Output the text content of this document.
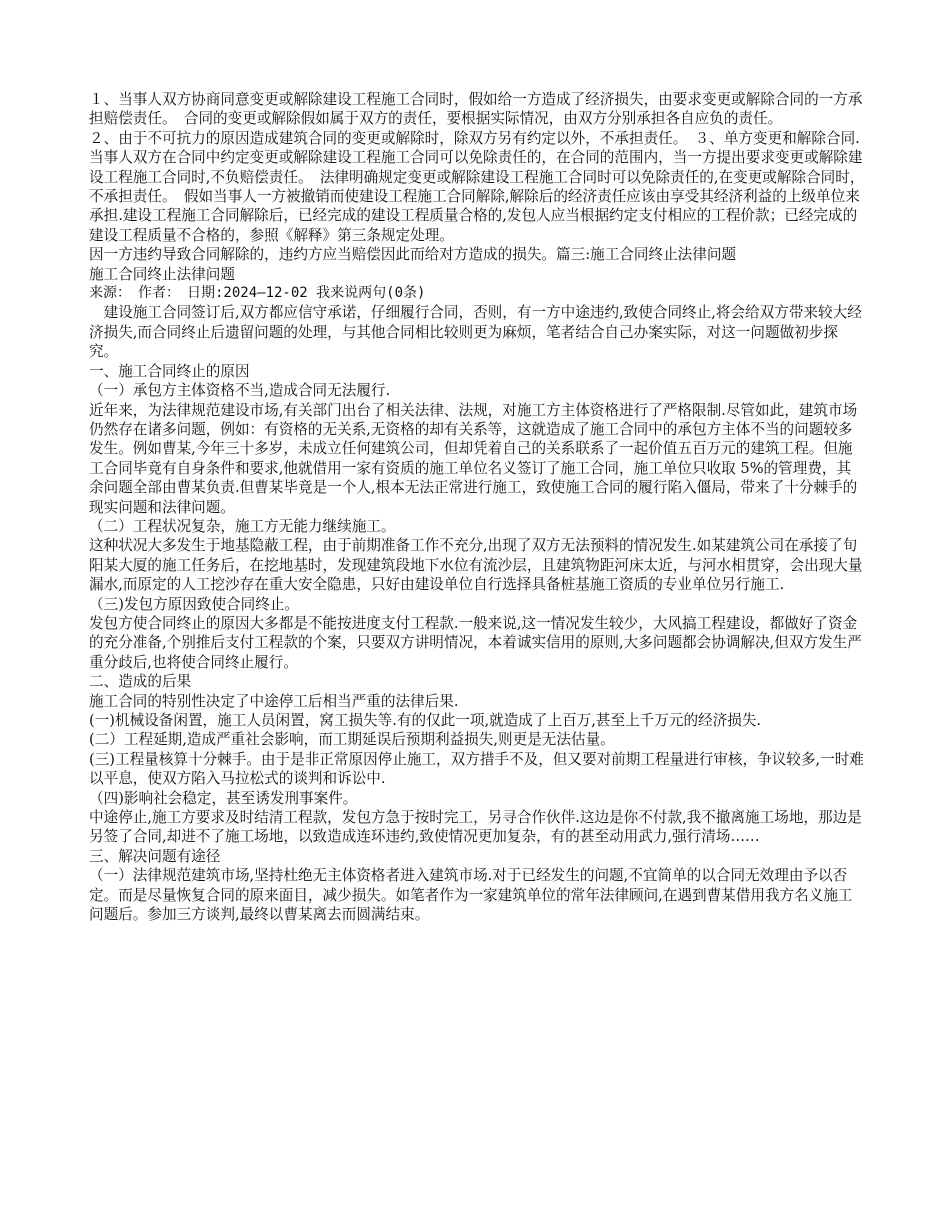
１、当事人双方协商同意变更或解除建设工程施工合同时，假如给一方造成了经济损失，由要求变更或解除合同的一方承担赔偿责任。　合同的变更或解除假如属于双方的责任，要根据实际情况，由双方分别承担各自应负的责任。

２、由于不可抗力的原因造成建筑合同的变更或解除时，除双方另有约定以外，不承担责任。　３、单方变更和解除合同.当事人双方在合同中约定变更或解除建设工程施工合同可以免除责任的，在合同的范围内，当一方提出要求变更或解除建设工程施工合同时,不负赔偿责任。　法律明确规定变更或解除建设工程施工合同时可以免除责任的,在变更或解除合同时，不承担责任。　假如当事人一方被撤销而使建设工程施工合同解除,解除后的经济责任应该由享受其经济利益的上级单位来承担.建设工程施工合同解除后，已经完成的建设工程质量合格的,发包人应当根据约定支付相应的工程价款；已经完成的建设工程质量不合格的，参照《解释》第三条规定处理。

因一方违约导致合同解除的，违约方应当赔偿因此而给对方造成的损失。篇三:施工合同终止法律问题

施工合同终止法律问题

来源：　作者：　日期:2024—12-02 我来说两句(0条)

　建设施工合同签订后,双方都应信守承诺，仔细履行合同，否则，有一方中途违约,致使合同终止,将会给双方带来较大经济损失,而合同终止后遗留问题的处理，与其他合同相比较则更为麻烦，笔者结合自己办案实际，对这一问题做初步探究。

一、施工合同终止的原因

（一）承包方主体资格不当,造成合同无法履行.

近年来，为法律规范建设市场,有关部门出台了相关法律、法规，对施工方主体资格进行了严格限制.尽管如此，建筑市场仍然存在诸多问题，例如：有资格的无关系,无资格的却有关系等，这就造成了施工合同中的承包方主体不当的问题较多发生。例如曹某,今年三十多岁，未成立任何建筑公司，但却凭着自己的关系联系了一起价值五百万元的建筑工程。但施工合同毕竟有自身条件和要求,他就借用一家有资质的施工单位名义签订了施工合同，施工单位只收取 5%的管理费，其余问题全部由曹某负责.但曹某毕竟是一个人,根本无法正常进行施工，致使施工合同的履行陷入僵局，带来了十分棘手的现实问题和法律问题。

（二）工程状况复杂，施工方无能力继续施工。

这种状况大多发生于地基隐蔽工程，由于前期准备工作不充分,出现了双方无法预料的情况发生.如某建筑公司在承接了旬阳某大厦的施工任务后，在挖地基时，发现建筑段地下水位有流沙层，且建筑物距河床太近，与河水相贯穿，会出现大量漏水,而原定的人工挖沙存在重大安全隐患，只好由建设单位自行选择具备桩基施工资质的专业单位另行施工.

（三)发包方原因致使合同终止。

发包方使合同终止的原因大多都是不能按进度支付工程款.一般来说,这一情况发生较少，大风搞工程建设，都做好了资金的充分准备,个别推后支付工程款的个案，只要双方讲明情况，本着诚实信用的原则,大多问题都会协调解决,但双方发生严重分歧后,也将使合同终止履行。

二、造成的后果

施工合同的特别性决定了中途停工后相当严重的法律后果.

(一)机械设备闲置，施工人员闲置，窝工损失等.有的仅此一项,就造成了上百万,甚至上千万元的经济损失.

(二）工程延期,造成严重社会影响，而工期延误后预期利益损失,则更是无法估量。

(三)工程量核算十分棘手。由于是非正常原因停止施工，双方措手不及，但又要对前期工程量进行审核，争议较多,一时难以平息，使双方陷入马拉松式的谈判和诉讼中.

（四)影响社会稳定，甚至诱发刑事案件。

中途停止,施工方要求及时结清工程款，发包方急于按时完工，另寻合作伙伴.这边是你不付款,我不撤离施工场地，那边是另签了合同,却进不了施工场地，以致造成连环违约,致使情况更加复杂，有的甚至动用武力,强行清场……

三、解决问题有途径

（一）法律规范建筑市场,坚持杜绝无主体资格者进入建筑市场.对于已经发生的问题,不宜简单的以合同无效理由予以否定。而是尽量恢复合同的原来面目，减少损失。如笔者作为一家建筑单位的常年法律顾问,在遇到曹某借用我方名义施工问题后。参加三方谈判,最终以曹某离去而圆满结束。
